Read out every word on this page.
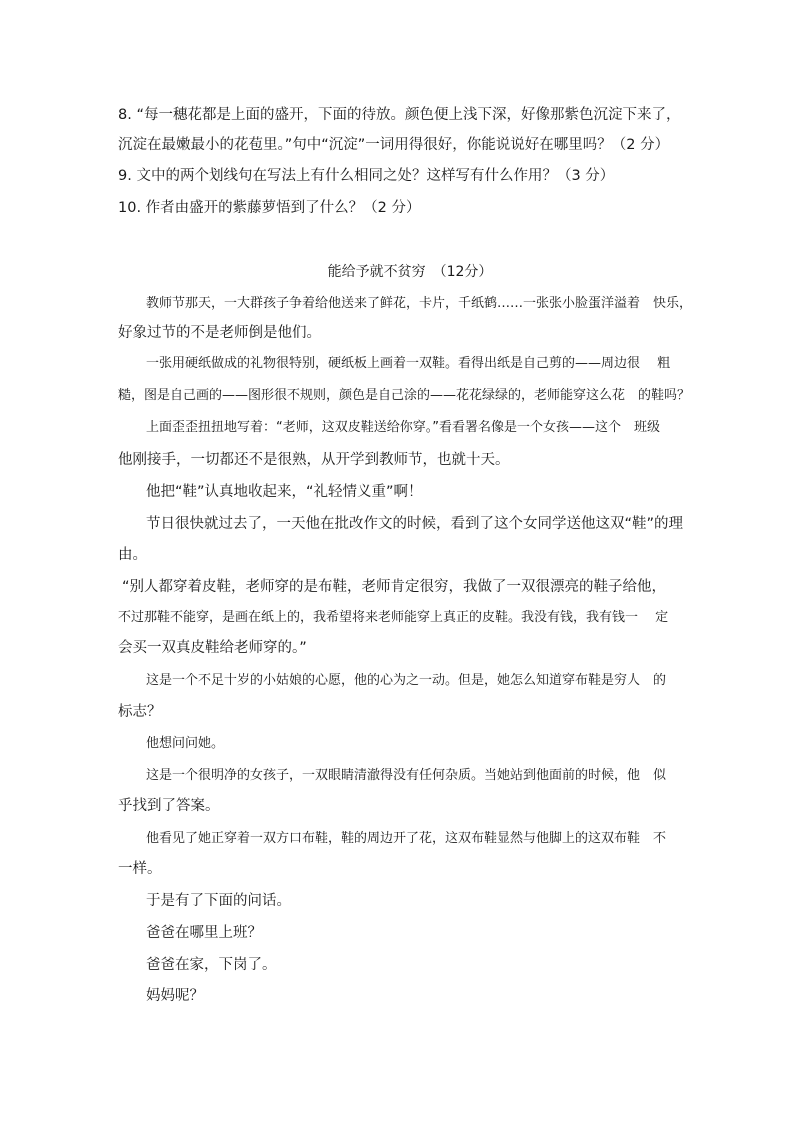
8. “每一穗花都是上面的盛开，下面的待放。颜色便上浅下深，好像那紫色沉淀下来了，
沉淀在最嫩最小的花苞里。”句中“沉淀”一词用得很好，你能说说好在哪里吗？（2 分）
9. 文中的两个划线句在写法上有什么相同之处？这样写有什么作用？（3 分）
10. 作者由盛开的紫藤萝悟到了什么？（2 分）
能给予就不贫穷　（12分）
教师节那天，一大群孩子争着给他送来了鲜花，卡片，千纸鹤……一张张小脸蛋洋溢着　快乐，
好象过节的不是老师倒是他们。
一张用硬纸做成的礼物很特别，硬纸板上画着一双鞋。看得出纸是自己剪的——周边很　 粗
糙，图是自己画的——图形很不规则，颜色是自己涂的——花花绿绿的，老师能穿这么花　的鞋吗？
上面歪歪扭扭地写着：“老师，这双皮鞋送给你穿。”看看署名像是一个女孩——这个　班级
他刚接手，一切都还不是很熟，从开学到教师节，也就十天。
他把“鞋”认真地收起来，“礼轻情义重”啊！
节日很快就过去了，一天他在批改作文的时候，看到了这个女同学送他这双“鞋”的理
由。
“别人都穿着皮鞋，老师穿的是布鞋，老师肯定很穷，我做了一双很漂亮的鞋子给他，
不过那鞋不能穿，是画在纸上的，我希望将来老师能穿上真正的皮鞋。我没有钱，我有钱一　 定
会买一双真皮鞋给老师穿的。”
这是一个不足十岁的小姑娘的心愿，他的心为之一动。但是，她怎么知道穿布鞋是穷人　的
标志？
他想问问她。
这是一个很明净的女孩子，一双眼睛清澈得没有任何杂质。当她站到他面前的时候，他　似
乎找到了答案。
他看见了她正穿着一双方口布鞋，鞋的周边开了花，这双布鞋显然与他脚上的这双布鞋　不
一样。
于是有了下面的问话。
爸爸在哪里上班？
爸爸在家，下岗了。
妈妈呢？
